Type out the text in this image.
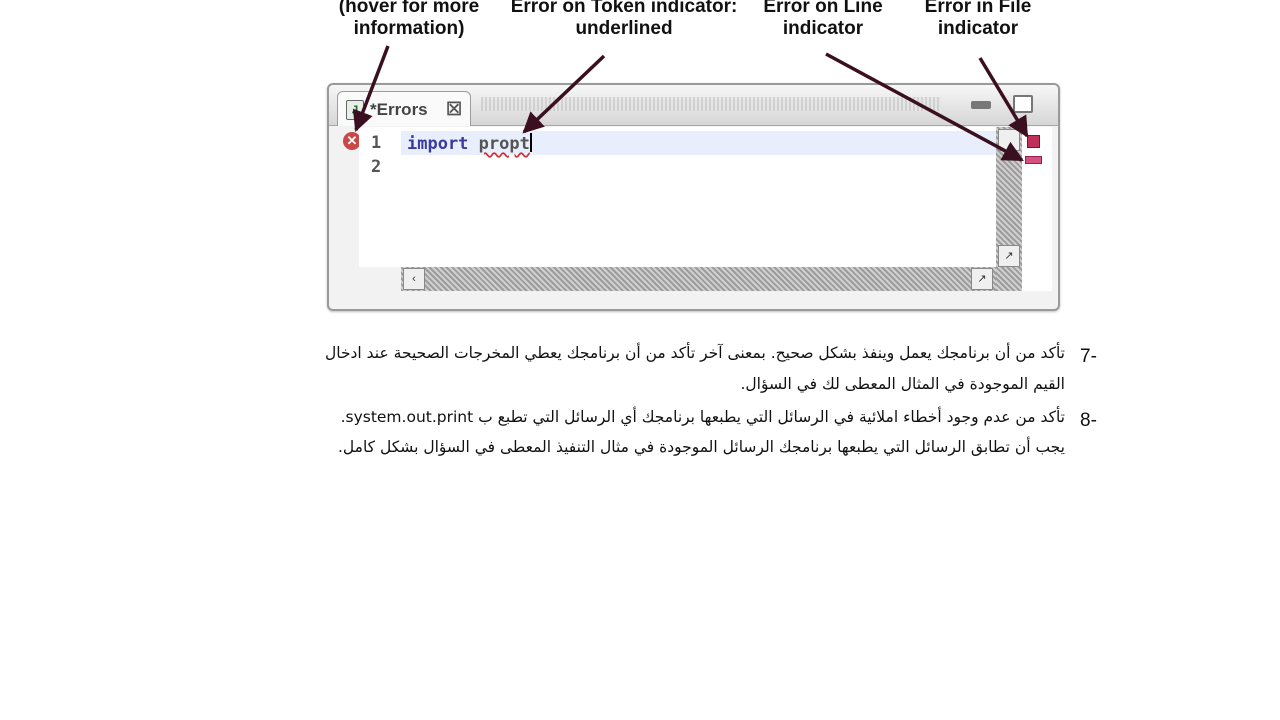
(hover for more information)
Error on Token indicator: underlined
Error on Line indicator
Error in File indicator
J *Errors ☒
✕ 1
2
import propt
↗
‹	↗
7-
تأكد من أن برنامجك يعمل وينفذ بشكل صحيح. بمعنى آخر تأكد من أن برنامجك يعطي المخرجات الصحيحة عند ادخال
القيم الموجودة في المثال المعطى لك في السؤال.
8-
تأكد من عدم وجود أخطاء املائية في الرسائل التي يطبعها برنامجك أي الرسائل التي تطبع ب system.out.print.
يجب أن تطابق الرسائل التي يطبعها برنامجك الرسائل الموجودة في مثال التنفيذ المعطى في السؤال بشكل كامل.
